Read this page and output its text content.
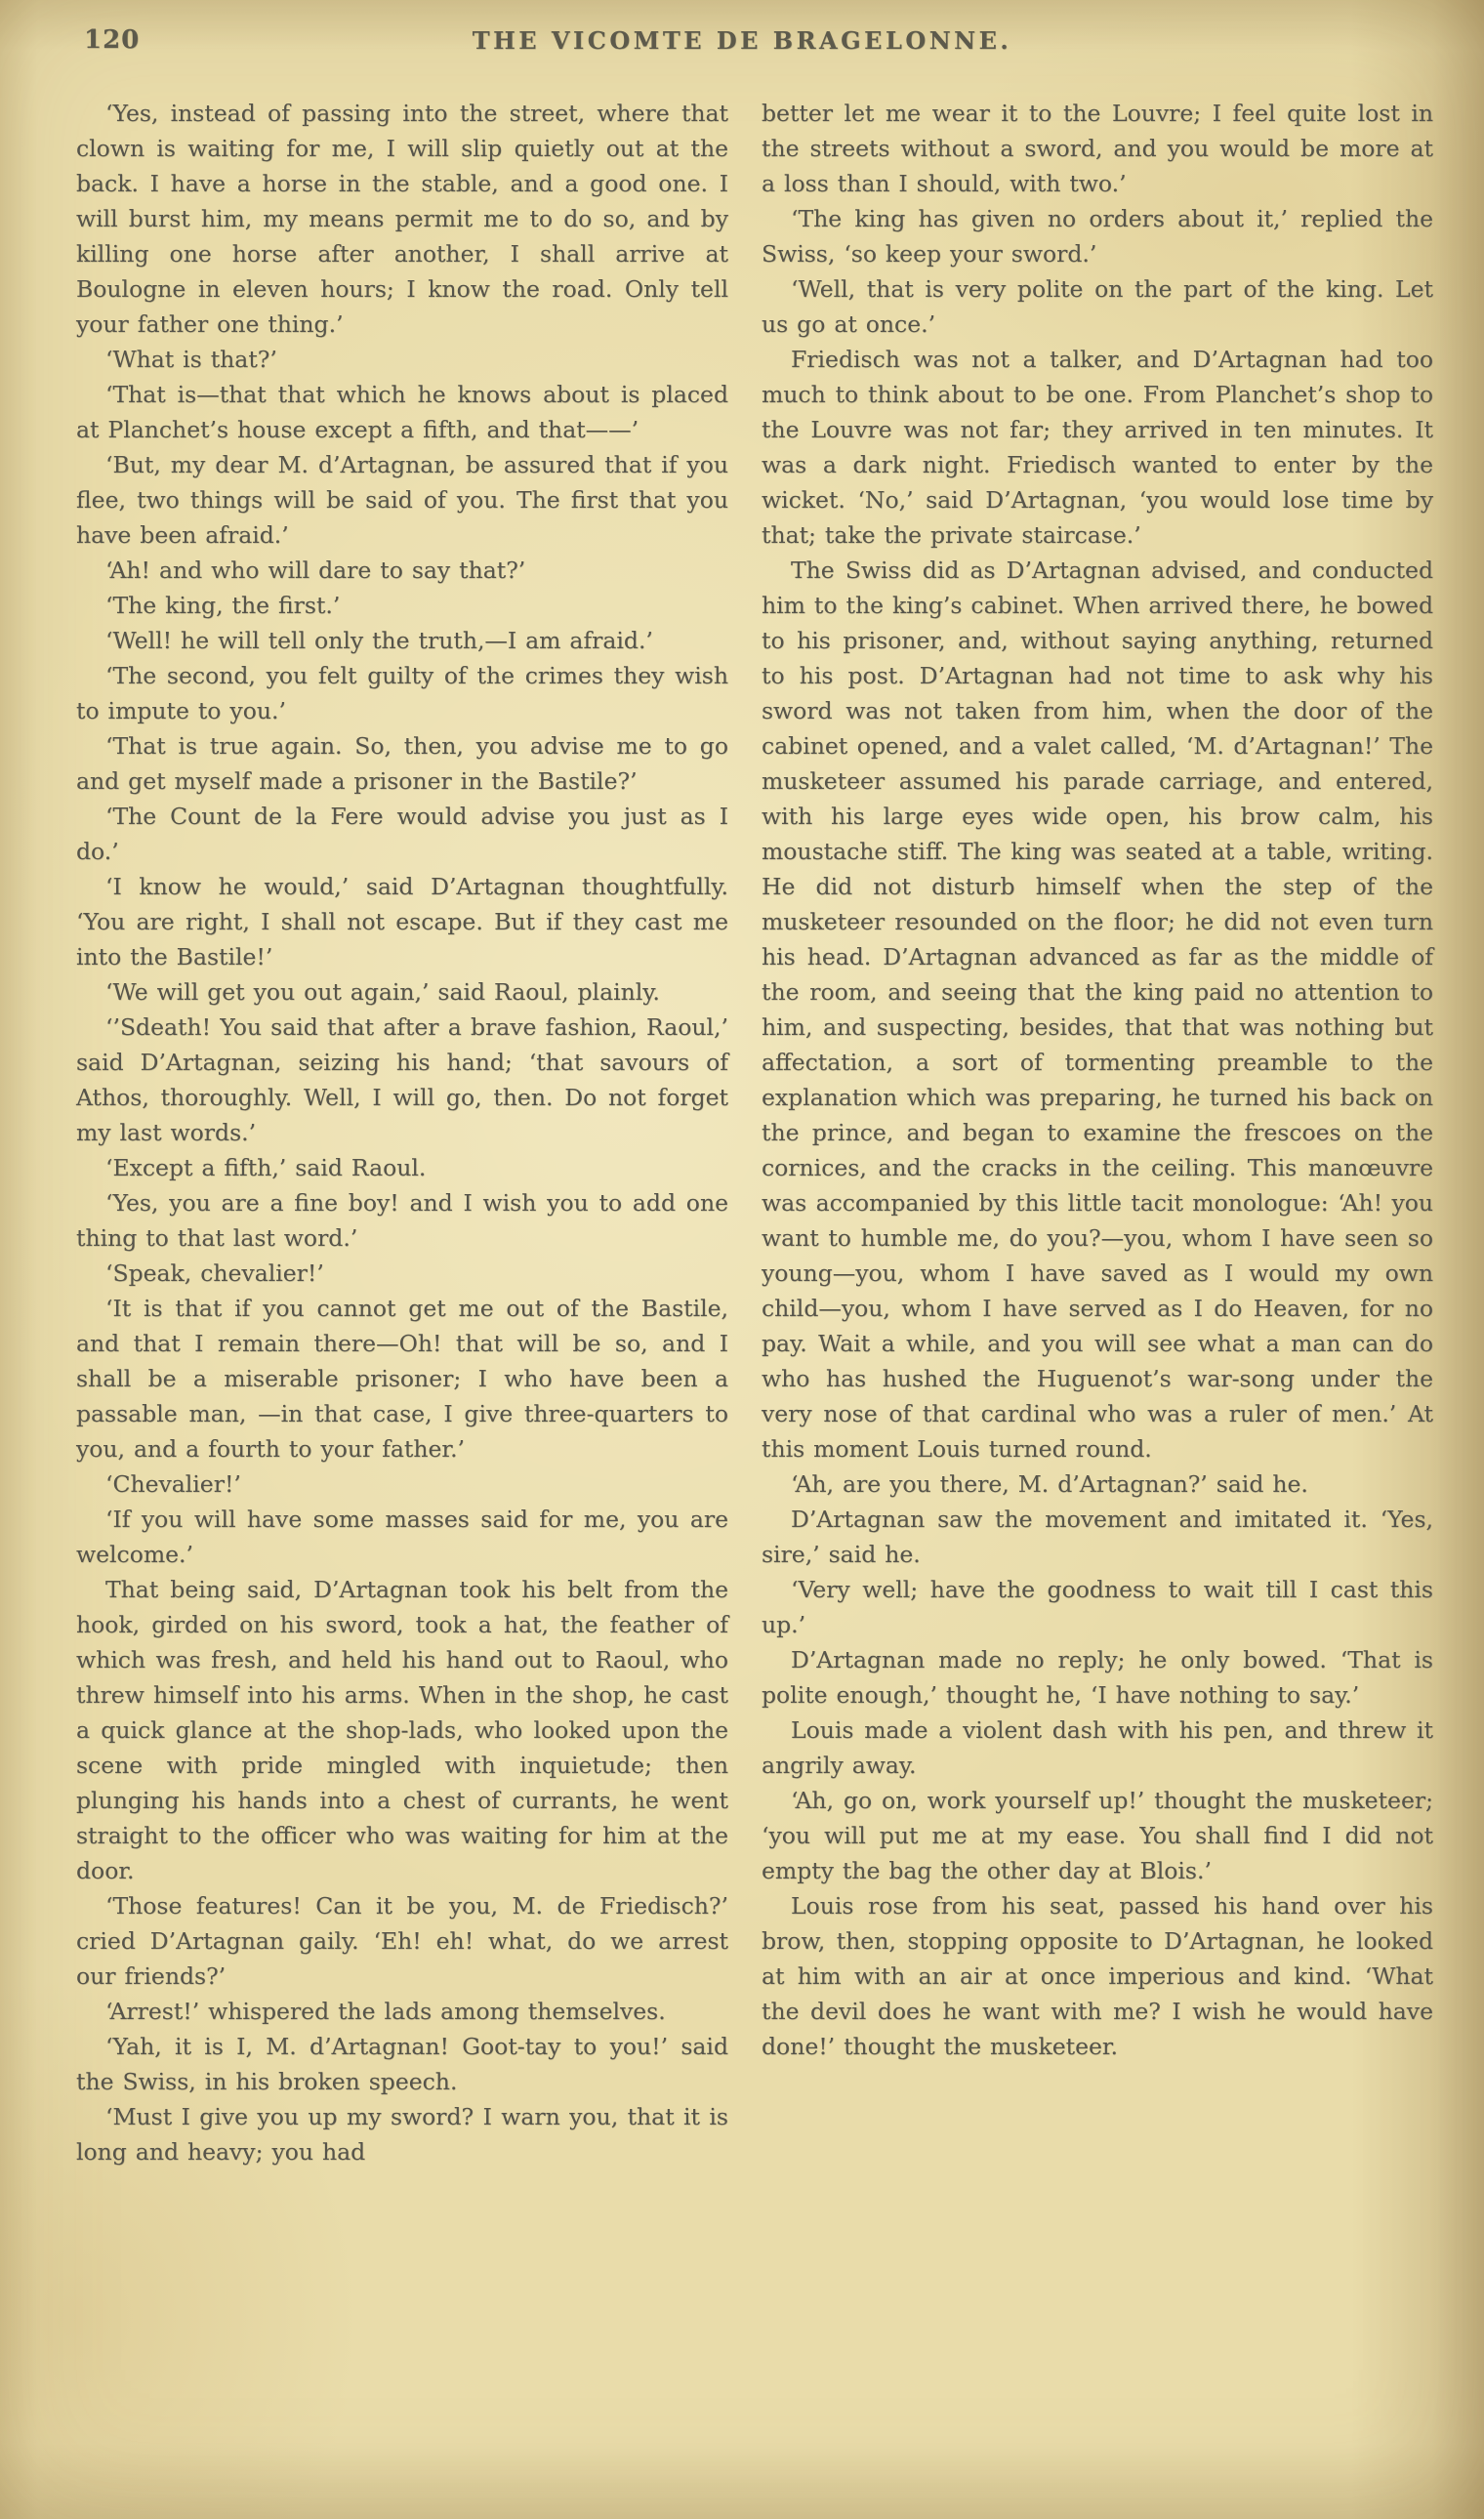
120	THE VICOMTE DE BRAGELONNE.

‘Yes, instead of passing into the street, where that clown is waiting for me, I will slip quietly out at the back. I have a horse in the stable, and a good one. I will burst him, my means permit me to do so, and by killing one horse after another, I shall arrive at Boulogne in eleven hours; I know the road. Only tell your father one thing.’

‘What is that?’

‘That is—that that which he knows about is placed at Planchet’s house except a fifth, and that——’

‘But, my dear M. d’Artagnan, be assured that if you flee, two things will be said of you. The first that you have been afraid.’

‘Ah! and who will dare to say that?’

‘The king, the first.’

‘Well! he will tell only the truth,—I am afraid.’

‘The second, you felt guilty of the crimes they wish to impute to you.’

‘That is true again. So, then, you advise me to go and get myself made a prisoner in the Bastile?’

‘The Count de la Fere would advise you just as I do.’

‘I know he would,’ said D’Artagnan thoughtfully. ‘You are right, I shall not escape. But if they cast me into the Bastile!’

‘We will get you out again,’ said Raoul, plainly.

‘’Sdeath! You said that after a brave fashion, Raoul,’ said D’Artagnan, seizing his hand; ‘that savours of Athos, thoroughly. Well, I will go, then. Do not forget my last words.’

‘Except a fifth,’ said Raoul.

‘Yes, you are a fine boy! and I wish you to add one thing to that last word.’

‘Speak, chevalier!’

‘It is that if you cannot get me out of the Bastile, and that I remain there—Oh! that will be so, and I shall be a miserable prisoner; I who have been a passable man, —in that case, I give three-quarters to you, and a fourth to your father.’

‘Chevalier!’

‘If you will have some masses said for me, you are welcome.’

That being said, D’Artagnan took his belt from the hook, girded on his sword, took a hat, the feather of which was fresh, and held his hand out to Raoul, who threw himself into his arms. When in the shop, he cast a quick glance at the shop-lads, who looked upon the scene with pride mingled with inquietude; then plunging his hands into a chest of currants, he went straight to the officer who was waiting for him at the door.

‘Those features! Can it be you, M. de Friedisch?’ cried D’Artagnan gaily. ‘Eh! eh! what, do we arrest our friends?’

‘Arrest!’ whispered the lads among themselves.

‘Yah, it is I, M. d’Artagnan! Goot-tay to you!’ said the Swiss, in his broken speech.

‘Must I give you up my sword? I warn you, that it is long and heavy; you had

better let me wear it to the Louvre; I feel quite lost in the streets without a sword, and you would be more at a loss than I should, with two.’

‘The king has given no orders about it,’ replied the Swiss, ‘so keep your sword.’

‘Well, that is very polite on the part of the king. Let us go at once.’

Friedisch was not a talker, and D’Artagnan had too much to think about to be one. From Planchet’s shop to the Louvre was not far; they arrived in ten minutes. It was a dark night. Friedisch wanted to enter by the wicket. ‘No,’ said D’Artagnan, ‘you would lose time by that; take the private staircase.’

The Swiss did as D’Artagnan advised, and conducted him to the king’s cabinet. When arrived there, he bowed to his prisoner, and, without saying anything, returned to his post. D’Artagnan had not time to ask why his sword was not taken from him, when the door of the cabinet opened, and a valet called, ‘M. d’Artagnan!’ The musketeer assumed his parade carriage, and entered, with his large eyes wide open, his brow calm, his moustache stiff. The king was seated at a table, writing. He did not disturb himself when the step of the musketeer resounded on the floor; he did not even turn his head. D’Artagnan advanced as far as the middle of the room, and seeing that the king paid no attention to him, and suspecting, besides, that that was nothing but affectation, a sort of tormenting preamble to the explanation which was preparing, he turned his back on the prince, and began to examine the frescoes on the cornices, and the cracks in the ceiling. This manœuvre was accompanied by this little tacit monologue: ‘Ah! you want to humble me, do you?—you, whom I have seen so young—you, whom I have saved as I would my own child—you, whom I have served as I do Heaven, for no pay. Wait a while, and you will see what a man can do who has hushed the Huguenot’s war-song under the very nose of that cardinal who was a ruler of men.’ At this moment Louis turned round.

‘Ah, are you there, M. d’Artagnan?’ said he.

D’Artagnan saw the movement and imitated it. ‘Yes, sire,’ said he.

‘Very well; have the goodness to wait till I cast this up.’

D’Artagnan made no reply; he only bowed. ‘That is polite enough,’ thought he, ‘I have nothing to say.’

Louis made a violent dash with his pen, and threw it angrily away.

‘Ah, go on, work yourself up!’ thought the musketeer; ‘you will put me at my ease. You shall find I did not empty the bag the other day at Blois.’

Louis rose from his seat, passed his hand over his brow, then, stopping opposite to D’Artagnan, he looked at him with an air at once imperious and kind. ‘What the devil does he want with me? I wish he would have done!’ thought the musketeer.
